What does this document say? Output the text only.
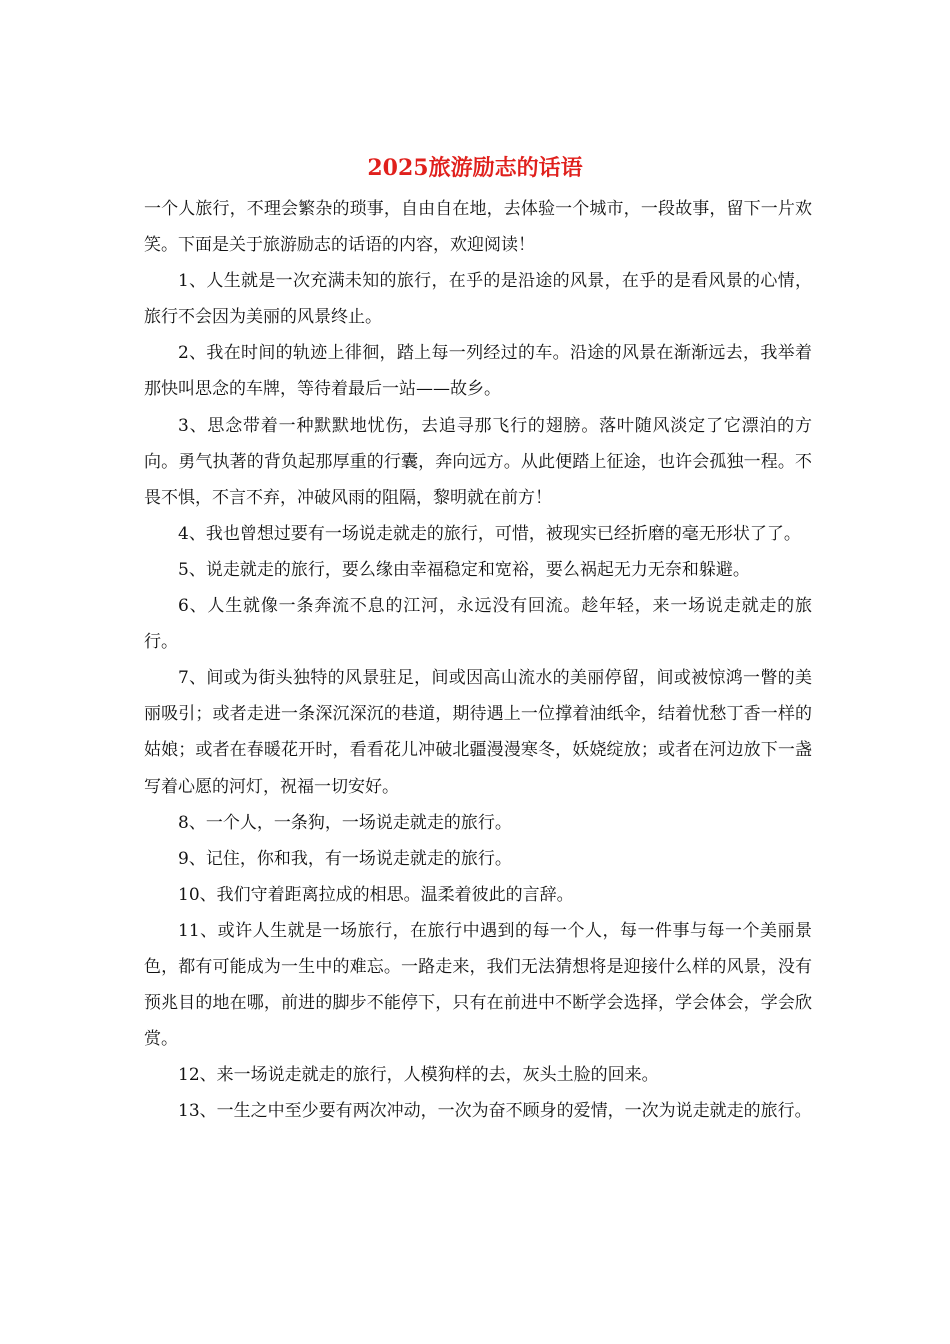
2025旅游励志的话语

一个人旅行，不理会繁杂的琐事，自由自在地，去体验一个城市，一段故事，留下一片欢笑。下面是关于旅游励志的话语的内容，欢迎阅读！

1、人生就是一次充满未知的旅行，在乎的是沿途的风景，在乎的是看风景的心情，旅行不会因为美丽的风景终止。

2、我在时间的轨迹上徘徊，踏上每一列经过的车。沿途的风景在渐渐远去，我举着那快叫思念的车牌，等待着最后一站——故乡。

3、思念带着一种默默地忧伤，去追寻那飞行的翅膀。落叶随风淡定了它漂泊的方向。勇气执著的背负起那厚重的行囊，奔向远方。从此便踏上征途，也许会孤独一程。不畏不惧，不言不弃，冲破风雨的阻隔，黎明就在前方！

4、我也曾想过要有一场说走就走的旅行，可惜，被现实已经折磨的毫无形状了了。

5、说走就走的旅行，要么缘由幸福稳定和宽裕，要么祸起无力无奈和躲避。

6、人生就像一条奔流不息的江河，永远没有回流。趁年轻，来一场说走就走的旅行。

7、间或为街头独特的风景驻足，间或因高山流水的美丽停留，间或被惊鸿一瞥的美丽吸引；或者走进一条深沉深沉的巷道，期待遇上一位撑着油纸伞，结着忧愁丁香一样的姑娘；或者在春暖花开时，看看花儿冲破北疆漫漫寒冬，妖娆绽放；或者在河边放下一盏写着心愿的河灯，祝福一切安好。

8、一个人，一条狗，一场说走就走的旅行。

9、记住，你和我，有一场说走就走的旅行。

10、我们守着距离拉成的相思。温柔着彼此的言辞。

11、或许人生就是一场旅行，在旅行中遇到的每一个人，每一件事与每一个美丽景色，都有可能成为一生中的难忘。一路走来，我们无法猜想将是迎接什么样的风景，没有预兆目的地在哪，前进的脚步不能停下，只有在前进中不断学会选择，学会体会，学会欣赏。

12、来一场说走就走的旅行，人模狗样的去，灰头土脸的回来。

13、一生之中至少要有两次冲动，一次为奋不顾身的爱情，一次为说走就走的旅行。
